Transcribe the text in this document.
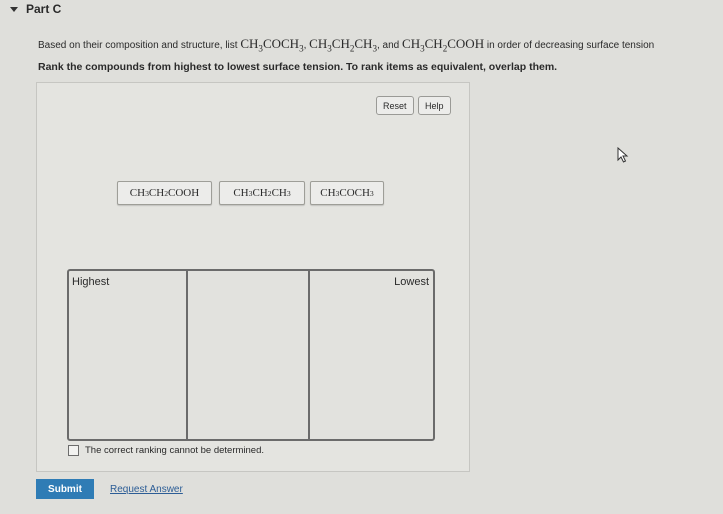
Part C
Based on their composition and structure, list $CH_3COCH_3$, $CH_3CH_2CH_3$, and $CH_3CH_2COOH$ in order of decreasing surface tension
Rank the compounds from highest to lowest surface tension. To rank items as equivalent, overlap them.
Reset	Help
CH 3 CH 2 COOH	CH 3 CH 2 CH 3	CH 3 COCH 3
Highest	Lowest
The correct ranking cannot be determined.
Submit	Request Answer
